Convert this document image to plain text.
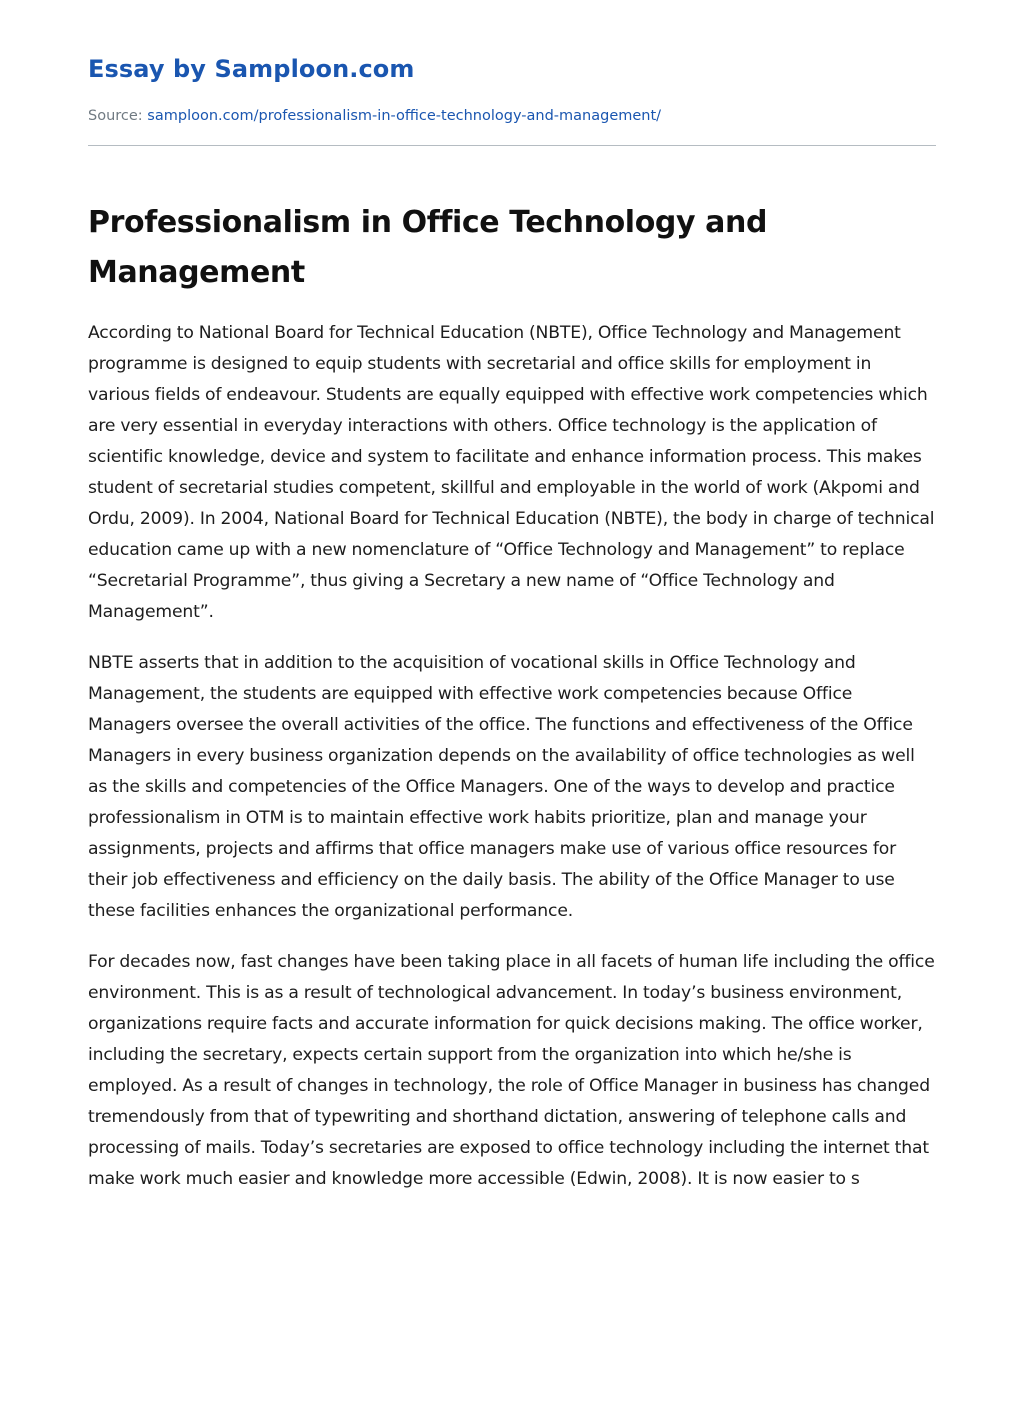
Essay by Samploon.com
Source: samploon.com/professionalism-in-office-technology-and-management/
Professionalism in Office Technology and Management

According to National Board for Technical Education (NBTE), Office Technology and Management programme is designed to equip students with secretarial and office skills for employment in various fields of endeavour. Students are equally equipped with effective work competencies which are very essential in everyday interactions with others. Office technology is the application of scientific knowledge, device and system to facilitate and enhance information process. This makes student of secretarial studies competent, skillful and employable in the world of work (Akpomi and Ordu, 2009). In 2004, National Board for Technical Education (NBTE), the body in charge of technical education came up with a new nomenclature of “Office Technology and Management” to replace “Secretarial Programme”, thus giving a Secretary a new name of “Office Technology and Management”.

NBTE asserts that in addition to the acquisition of vocational skills in Office Technology and Management, the students are equipped with effective work competencies because Office Managers oversee the overall activities of the office. The functions and effectiveness of the Office Managers in every business organization depends on the availability of office technologies as well as the skills and competencies of the Office Managers. One of the ways to develop and practice professionalism in OTM is to maintain effective work habits prioritize, plan and manage your assignments, projects and affirms that office managers make use of various office resources for their job effectiveness and efficiency on the daily basis. The ability of the Office Manager to use these facilities enhances the organizational performance.

For decades now, fast changes have been taking place in all facets of human life including the office environment. This is as a result of technological advancement. In today’s business environment, organizations require facts and accurate information for quick decisions making. The office worker, including the secretary, expects certain support from the organization into which he/she is employed. As a result of changes in technology, the role of Office Manager in business has changed tremendously from that of typewriting and shorthand dictation, answering of telephone calls and processing of mails. Today’s secretaries are exposed to office technology including the internet that make work much easier and knowledge more accessible (Edwin, 2008). It is now easier to s
